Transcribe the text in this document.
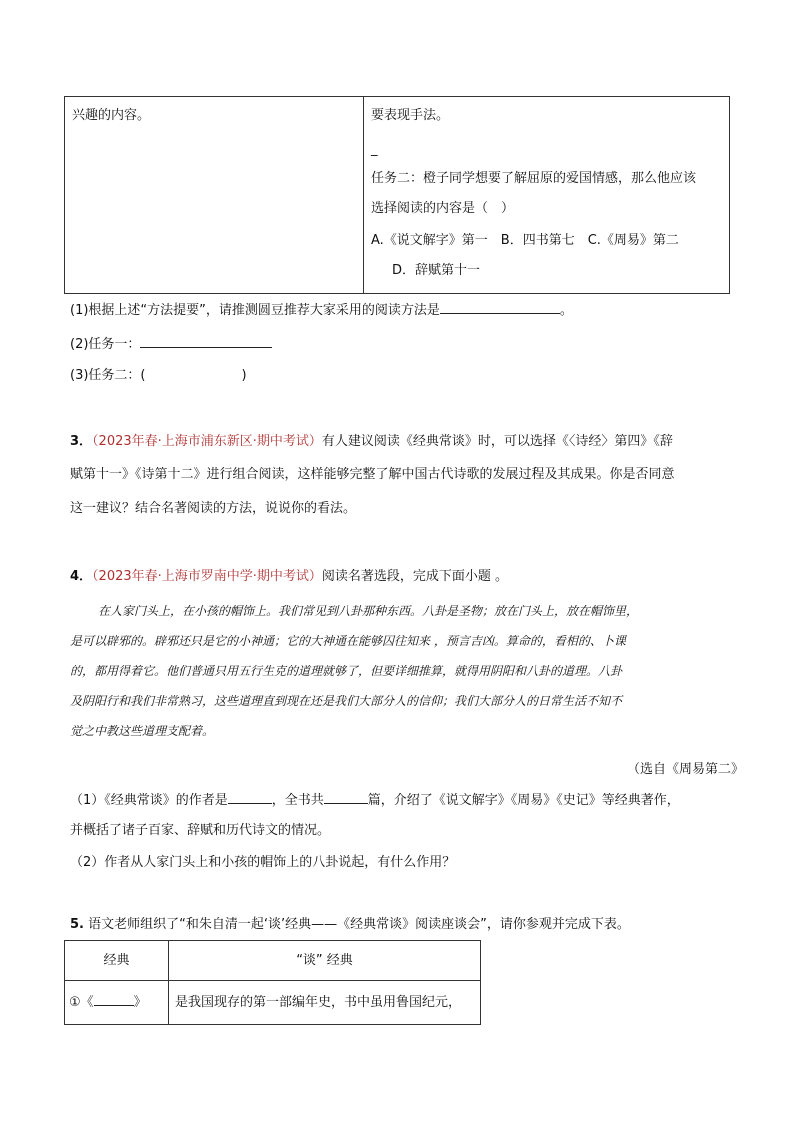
兴趣的内容。	要表现手法。
_
任务二：橙子同学想要了解屈原的爱国情感，那么他应该
选择阅读的内容是（　）
A.《说文解字》第一　B．四书第七　C.《周易》第二
D．辞赋第十一
(1)根据上述“方法提要”，请推测圆豆推荐大家采用的阅读方法是	。
(2)任务一：
(3)任务二：(	)
3．（2023年春·上海市浦东新区·期中考试）有人建议阅读《经典常谈》时，可以选择《〈诗经〉第四》《辞
赋第十一》《诗第十二》进行组合阅读，这样能够完整了解中国古代诗歌的发展过程及其成果。你是否同意
这一建议？结合名著阅读的方法，说说你的看法。
4．（2023年春·上海市罗南中学·期中考试）阅读名著选段，完成下面小题 。
在人家门头上，在小孩的帽饰上。我们常见到八卦那种东西。八卦是圣物；放在门头上，放在帽饰里，
是可以辟邪的。辟邪还只是它的小神通；它的大神通在能够囚往知来 ，预言吉凶。算命的，看相的、卜课
的，都用得着它。他们普通只用五行生克的道理就够了，但要详细推算，就得用阴阳和八卦的道理。八卦
及阴阳行和我们非常熟习，这些道理直到现在还是我们大部分人的信仰；我们大部分人的日常生活不知不
觉之中教这些道理支配着。
（选自《周易第二》
（1）《经典常谈》的作者是	，全书共	篇，介绍了《说文解字》《周易》《史记》等经典著作，
并概括了诸子百家、辞赋和历代诗文的情况。
（2）作者从人家门头上和小孩的帽饰上的八卦说起，有什么作用？
5. 语文老师组织了“和朱自清一起‘谈’经典——《经典常谈》阅读座谈会”，请你参观并完成下表。
经典	“谈” 经典
①《 》	是我国现存的第一部编年史，书中虽用鲁国纪元，
